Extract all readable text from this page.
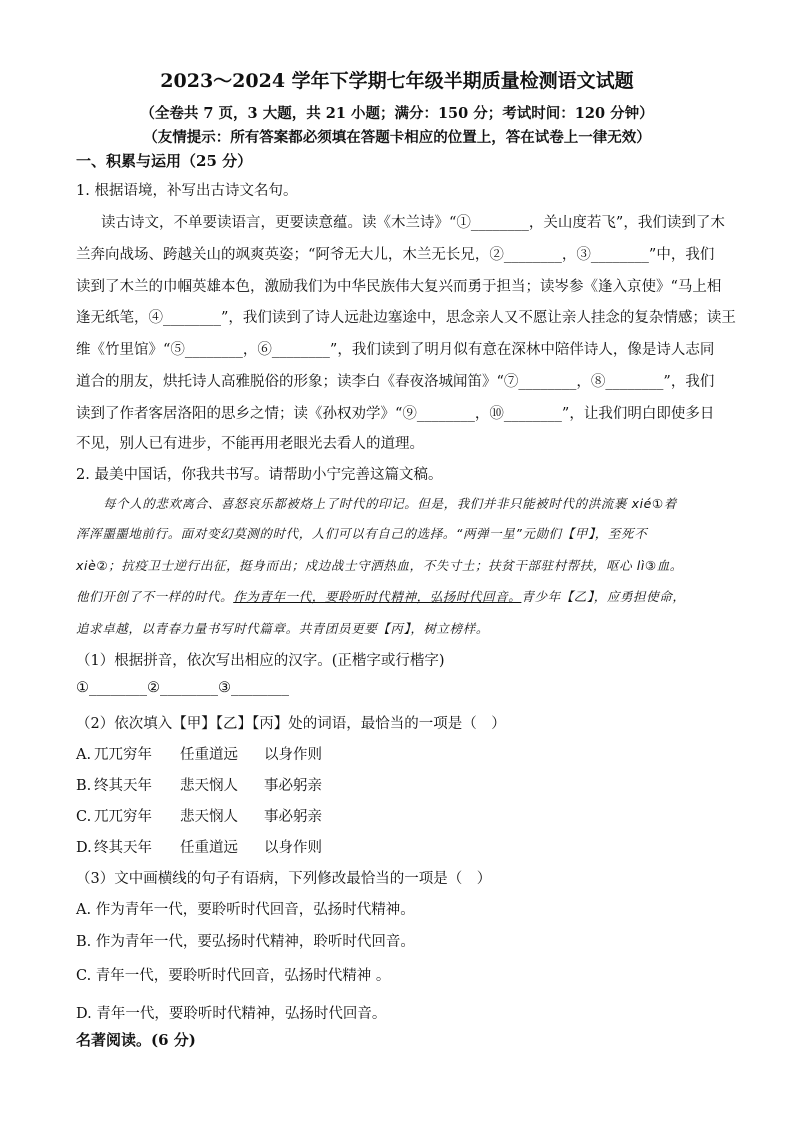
2023～2024 学年下学期七年级半期质量检测语文试题
（全卷共 7 页，3 大题，共 21 小题；满分：150 分；考试时间：120 分钟）
（友情提示：所有答案都必须填在答题卡相应的位置上，答在试卷上一律无效）
一、积累与运用（25 分）
1. 根据语境，补写出古诗文名句。
读古诗文，不单要读语言，更要读意蕴。读《木兰诗》“①________，关山度若飞”，我们读到了木
兰奔向战场、跨越关山的飒爽英姿；“阿爷无大儿，木兰无长兄，②________，③________”中，我们
读到了木兰的巾帼英雄本色，激励我们为中华民族伟大复兴而勇于担当；读岑参《逢入京使》“马上相
逢无纸笔，④________”，我们读到了诗人远赴边塞途中，思念亲人又不愿让亲人挂念的复杂情感；读王
维《竹里馆》“⑤________，⑥________”，我们读到了明月似有意在深林中陪伴诗人，像是诗人志同
道合的朋友，烘托诗人高雅脱俗的形象；读李白《春夜洛城闻笛》“⑦________，⑧________”，我们
读到了作者客居洛阳的思乡之情；读《孙权劝学》“⑨________，⑩________”，让我们明白即使多日
不见，别人已有进步，不能再用老眼光去看人的道理。
2. 最美中国话，你我共书写。请帮助小宁完善这篇文稿。
每个人的悲欢离合、喜怒哀乐都被烙上了时代的印记。但是，我们并非只能被时代的洪流裹 xié①着
浑浑噩噩地前行。面对变幻莫测的时代，人们可以有自己的选择。“两弹一星”元勋们【甲】，至死不
xiè②；抗疫卫士逆行出征，挺身而出；戍边战士守洒热血，不失寸土；扶贫干部驻村帮扶，呕心 lì③血。
他们开创了不一样的时代。作为青年一代，要聆听时代精神，弘扬时代回音。青少年【乙】，应勇担使命，
追求卓越，以青春力量书写时代篇章。共青团员更要【丙】，树立榜样。
（1）根据拼音，依次写出相应的汉字。(正楷字或行楷字)
①________②________③________
（2）依次填入【甲】【乙】【丙】处的词语，最恰当的一项是（　）
A. 兀兀穷年 任重道远 以身作则
B. 终其天年 悲天悯人 事必躬亲
C. 兀兀穷年 悲天悯人 事必躬亲
D. 终其天年 任重道远 以身作则
（3）文中画横线的句子有语病，下列修改最恰当的一项是（　）
A. 作为青年一代，要聆听时代回音，弘扬时代精神。
B. 作为青年一代，要弘扬时代精神，聆听时代回音。
C. 青年一代，要聆听时代回音，弘扬时代精神 。
D. 青年一代，要聆听时代精神，弘扬时代回音。
名著阅读。(6 分)
